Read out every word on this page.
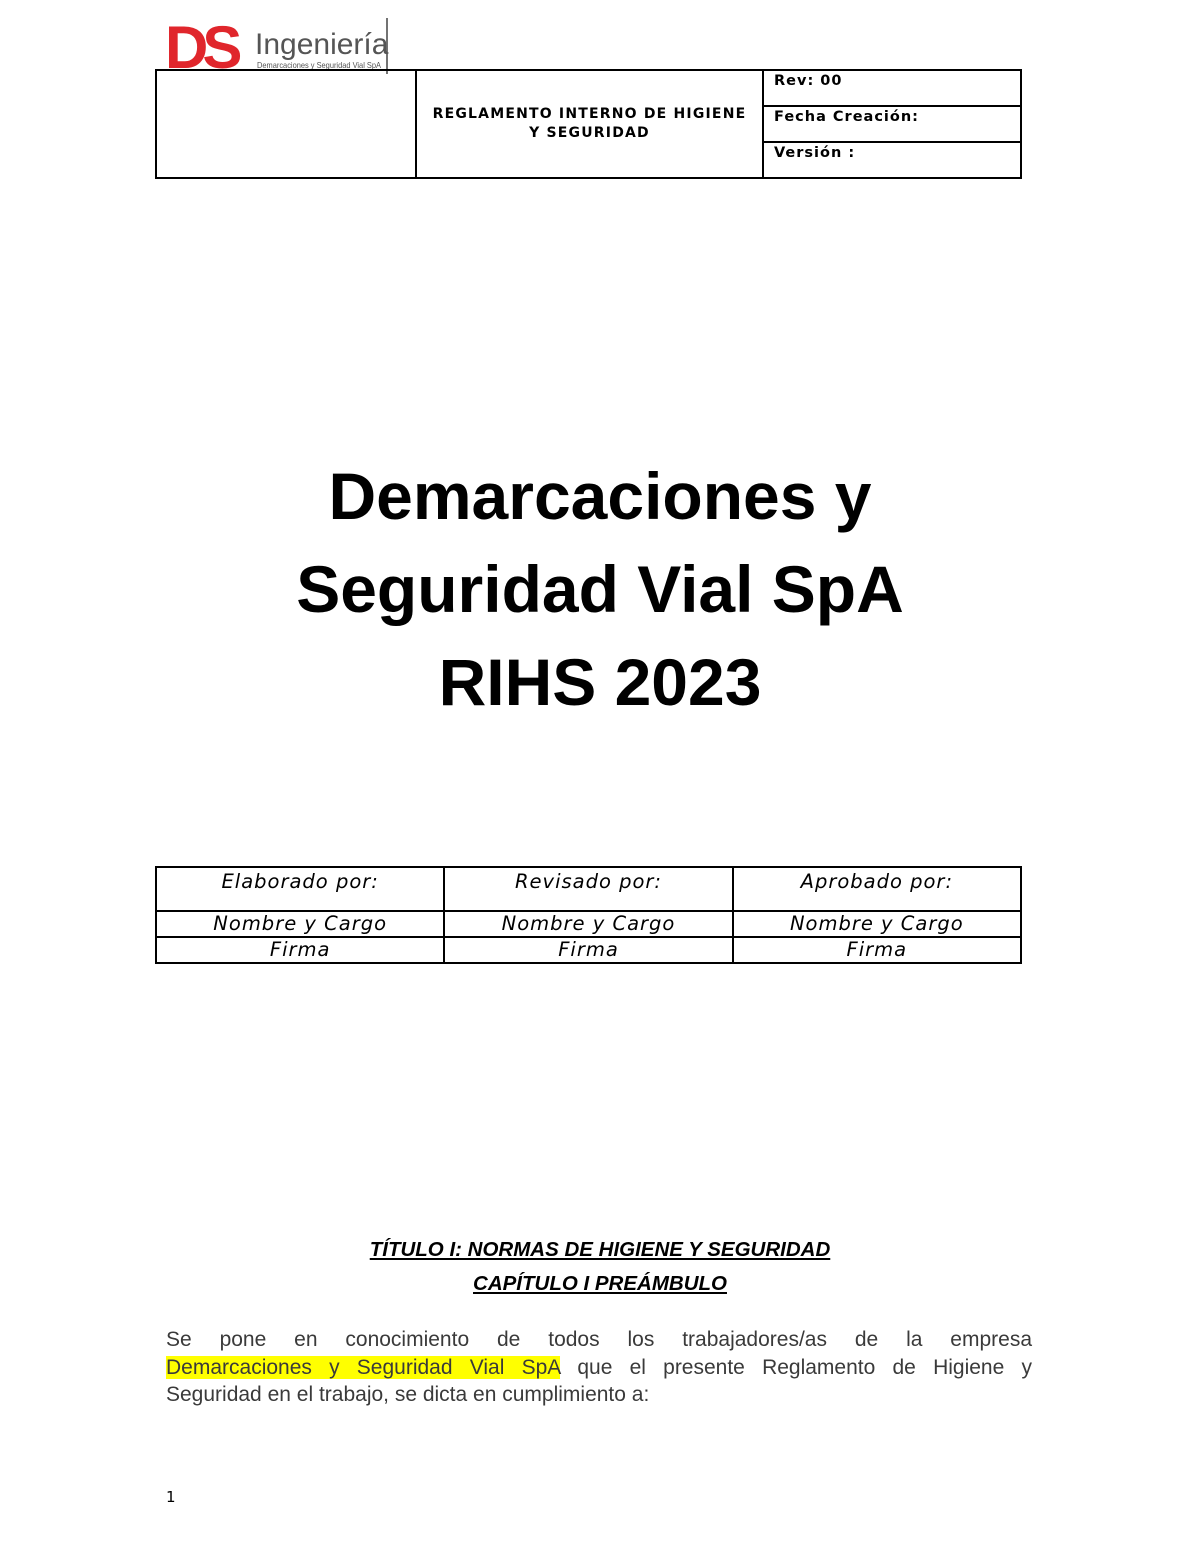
DS Ingeniería
Demarcaciones y Seguridad Vial SpA

REGLAMENTO INTERNO DE HIGIENE Y SEGURIDAD
	Rev: 00
Fecha Creación:
Versión :
Demarcaciones y
Seguridad Vial SpA
RIHS 2023
Elaborado por:	Revisado por:	Aprobado por:
Nombre y Cargo	Nombre y Cargo	Nombre y Cargo
Firma	Firma	Firma
TÍTULO I: NORMAS DE HIGIENE Y SEGURIDAD
CAPÍTULO I PREÁMBULO
Se pone en conocimiento de todos los trabajadores/as de la empresa
Demarcaciones y Seguridad Vial SpA que el presente Reglamento de Higiene y
Seguridad en el trabajo, se dicta en cumplimiento a:
1
